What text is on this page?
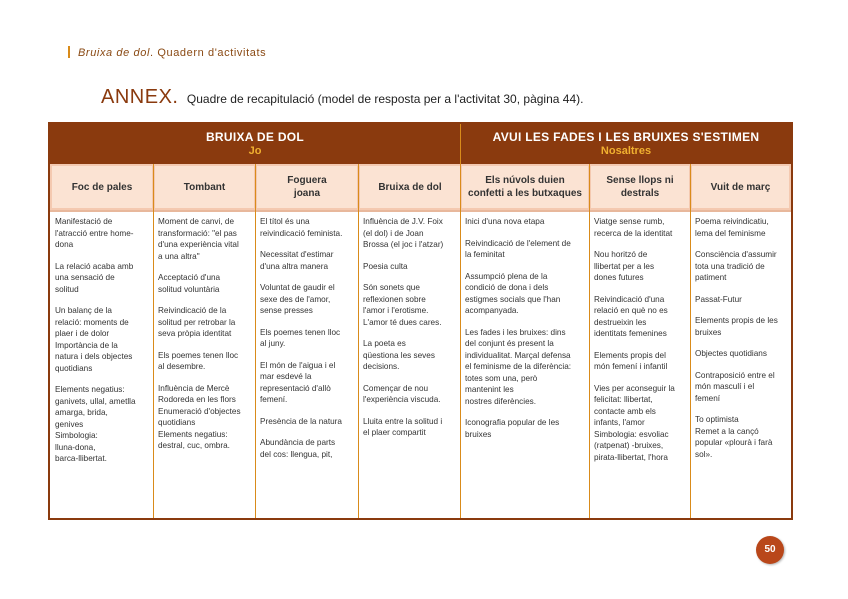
Bruixa de dol. Quadern d'activitats
ANNEX. Quadre de recapitulació (model de resposta per a l'activitat 30, pàgina 44).
BRUIXA DE DOL
Jo
AVUI LES FADES I LES BRUIXES S'ESTIMEN
Nosaltres
Foc de pales	Tombant
Foguera
joana
Bruixa de dol
Els núvols duien
confetti a les butxaques
Sense llops ni
destrals
Vuit de març

Manifestació de
l'atracció entre home-
dona

La relació acaba amb
una sensació de
solitud

Un balanç de la
relació: moments de
plaer i de dolor
Importància de la
natura i dels objectes
quotidians

Elements negatius:
ganivets, ullal, ametlla
amarga, brida,
genives
Simbologia:
lluna-dona,
barca-llibertat.

Moment de canvi, de
transformació: "el pas
d'una experiència vital
a una altra"

Acceptació d'una
solitud voluntària

Reivindicació de la
solitud per retrobar la
seva pròpia identitat

Els poemes tenen lloc
al desembre.

Influència de Mercè
Rodoreda en les flors
Enumeració d'objectes
quotidians
Elements negatius:
destral, cuc, ombra.

El títol és una
reivindicació feminista.

Necessitat d'estimar
d'una altra manera

Voluntat de gaudir el
sexe des de l'amor,
sense presses

Els poemes tenen lloc
al juny.

El món de l'aigua i el
mar esdevé la
representació d'allò
femení.

Presència de la natura

Abundància de parts
del cos: llengua, pit,

Influència de J.V. Foix
(el dol) i de Joan
Brossa (el joc i l'atzar)

Poesia culta

Són sonets que
reflexionen sobre
l'amor i l'erotisme.
L'amor té dues cares.

La poeta es
qüestiona les seves
decisions.

Començar de nou
l'experiència viscuda.

Lluita entre la solitud i
el plaer compartit

Inici d'una nova etapa

Reivindicació de l'element de
la feminitat

Assumpció plena de la
condició de dona i dels
estigmes socials que l'han
acompanyada.

Les fades i les bruixes: dins
del conjunt és present la
individualitat. Marçal defensa
el feminisme de la diferència:
totes som una, però
mantenint les
nostres diferències.

Iconografia popular de les
bruixes

Viatge sense rumb,
recerca de la identitat

Nou horitzó de
llibertat per a les
dones futures

Reivindicació d'una
relació en què no es
destrueixin les
identitats femenines

Elements propis del
món femení i infantil

Vies per aconseguir la
felicitat: llibertat,
contacte amb els
infants, l'amor
Simbologia: esvoliac
(ratpenat) -bruixes,
pirata-llibertat, l'hora

Poema reivindicatiu,
lema del feminisme

Consciència d'assumir
tota una tradició de
patiment

Passat-Futur

Elements propis de les
bruixes

Objectes quotidians

Contraposició entre el
món masculí i el
femení

To optimista
Remet a la cançó
popular «plourà i farà
sol».

50
